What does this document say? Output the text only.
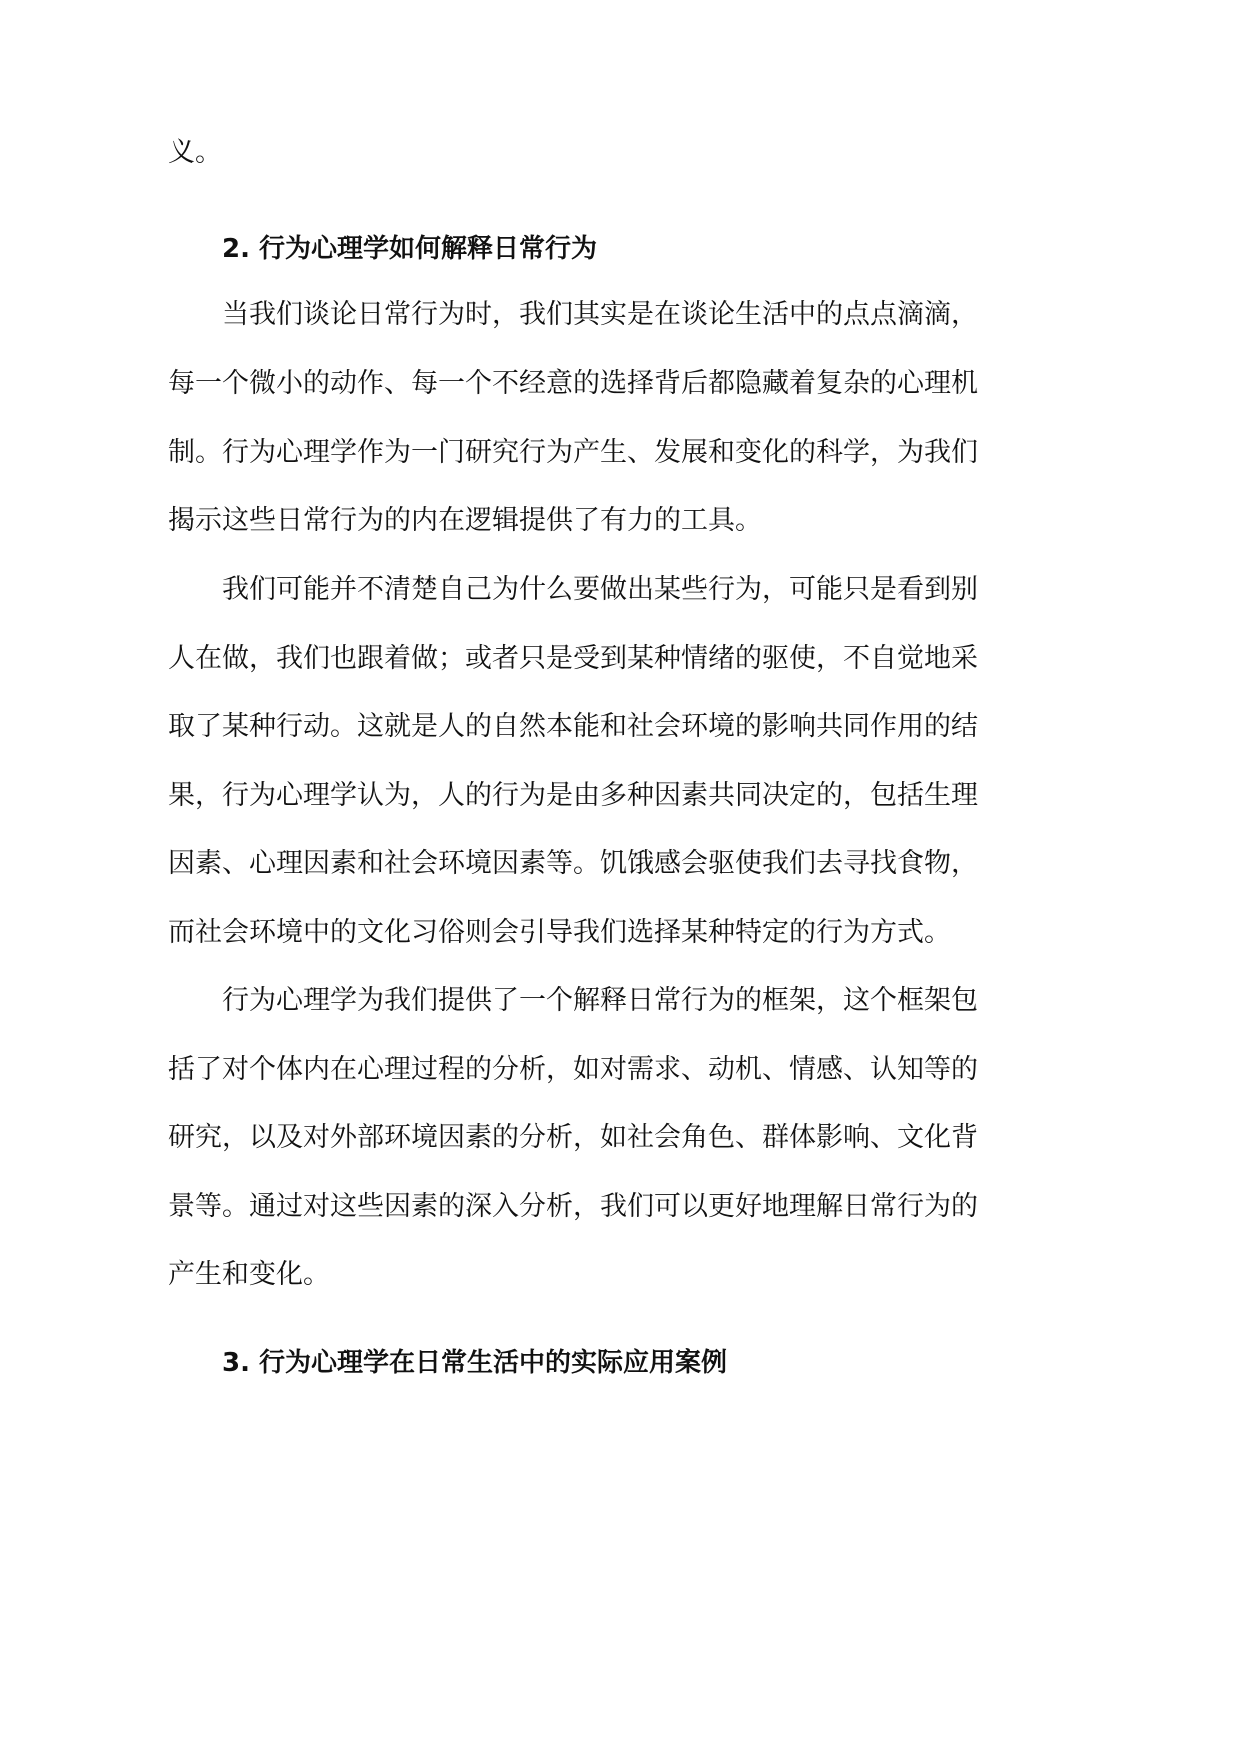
义。
2. 行为心理学如何解释日常行为
当我们谈论日常行为时，我们其实是在谈论生活中的点点滴滴，
每一个微小的动作、每一个不经意的选择背后都隐藏着复杂的心理机
制。行为心理学作为一门研究行为产生、发展和变化的科学，为我们
揭示这些日常行为的内在逻辑提供了有力的工具。
我们可能并不清楚自己为什么要做出某些行为，可能只是看到别
人在做，我们也跟着做；或者只是受到某种情绪的驱使，不自觉地采
取了某种行动。这就是人的自然本能和社会环境的影响共同作用的结
果，行为心理学认为，人的行为是由多种因素共同决定的，包括生理
因素、心理因素和社会环境因素等。饥饿感会驱使我们去寻找食物，
而社会环境中的文化习俗则会引导我们选择某种特定的行为方式。
行为心理学为我们提供了一个解释日常行为的框架，这个框架包
括了对个体内在心理过程的分析，如对需求、动机、情感、认知等的
研究，以及对外部环境因素的分析，如社会角色、群体影响、文化背
景等。通过对这些因素的深入分析，我们可以更好地理解日常行为的
产生和变化。
3. 行为心理学在日常生活中的实际应用案例
